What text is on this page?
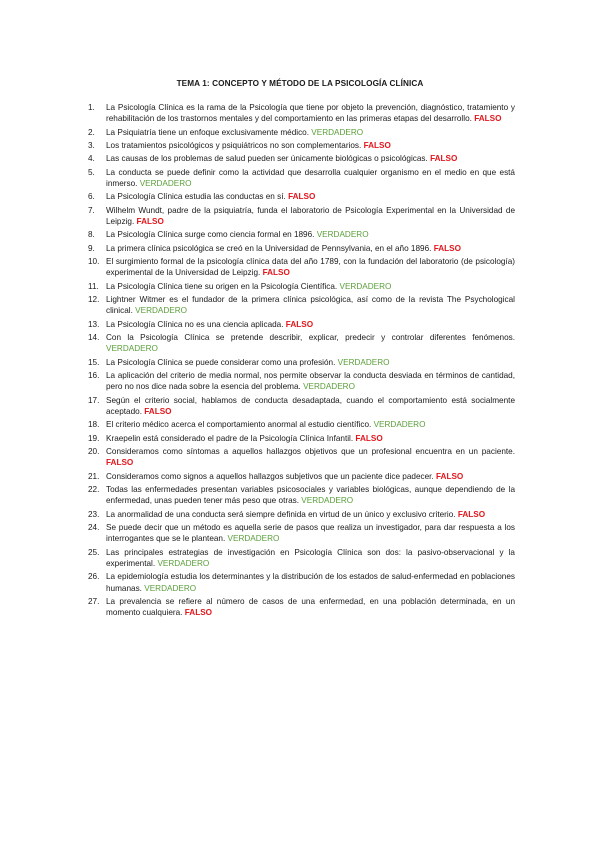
TEMA 1: CONCEPTO Y MÉTODO DE LA PSICOLOGÍA CLÍNICA
1. La Psicología Clínica es la rama de la Psicología que tiene por objeto la prevención, diagnóstico, tratamiento y rehabilitación de los trastornos mentales y del comportamiento en las primeras etapas del desarrollo. FALSO
2. La Psiquiatría tiene un enfoque exclusivamente médico. VERDADERO
3. Los tratamientos psicológicos y psiquiátricos no son complementarios. FALSO
4. Las causas de los problemas de salud pueden ser únicamente biológicas o psicológicas. FALSO
5. La conducta se puede definir como la actividad que desarrolla cualquier organismo en el medio en que está inmerso. VERDADERO
6. La Psicología Clínica estudia las conductas en sí. FALSO
7. Wilhelm Wundt, padre de la psiquiatría, funda el laboratorio de Psicología Experimental en la Universidad de Leipzig. FALSO
8. La Psicología Clínica surge como ciencia formal en 1896. VERDADERO
9. La primera clínica psicológica se creó en la Universidad de Pennsylvania, en el año 1896. FALSO
10. El surgimiento formal de la psicología clínica data del año 1789, con la fundación del laboratorio (de psicología) experimental de la Universidad de Leipzig. FALSO
11. La Psicología Clínica tiene su origen en la Psicología Científica. VERDADERO
12. Lightner Witmer es el fundador de la primera clínica psicológica, así como de la revista The Psychological clinical. VERDADERO
13. La Psicología Clínica no es una ciencia aplicada. FALSO
14. Con la Psicología Clínica se pretende describir, explicar, predecir y controlar diferentes fenómenos. VERDADERO
15. La Psicología Clínica se puede considerar como una profesión. VERDADERO
16. La aplicación del criterio de media normal, nos permite observar la conducta desviada en términos de cantidad, pero no nos dice nada sobre la esencia del problema. VERDADERO
17. Según el criterio social, hablamos de conducta desadaptada, cuando el comportamiento está socialmente aceptado. FALSO
18. El criterio médico acerca el comportamiento anormal al estudio científico. VERDADERO
19. Kraepelin está considerado el padre de la Psicología Clínica Infantil. FALSO
20. Consideramos como síntomas a aquellos hallazgos objetivos que un profesional encuentra en un paciente. FALSO
21. Consideramos como signos a aquellos hallazgos subjetivos que un paciente dice padecer. FALSO
22. Todas las enfermedades presentan variables psicosociales y variables biológicas, aunque dependiendo de la enfermedad, unas pueden tener más peso que otras. VERDADERO
23. La anormalidad de una conducta será siempre definida en virtud de un único y exclusivo criterio. FALSO
24. Se puede decir que un método es aquella serie de pasos que realiza un investigador, para dar respuesta a los interrogantes que se le plantean. VERDADERO
25. Las principales estrategias de investigación en Psicología Clínica son dos: la pasivo-observacional y la experimental. VERDADERO
26. La epidemiología estudia los determinantes y la distribución de los estados de salud-enfermedad en poblaciones humanas. VERDADERO
27. La prevalencia se refiere al número de casos de una enfermedad, en una población determinada, en un momento cualquiera. FALSO
